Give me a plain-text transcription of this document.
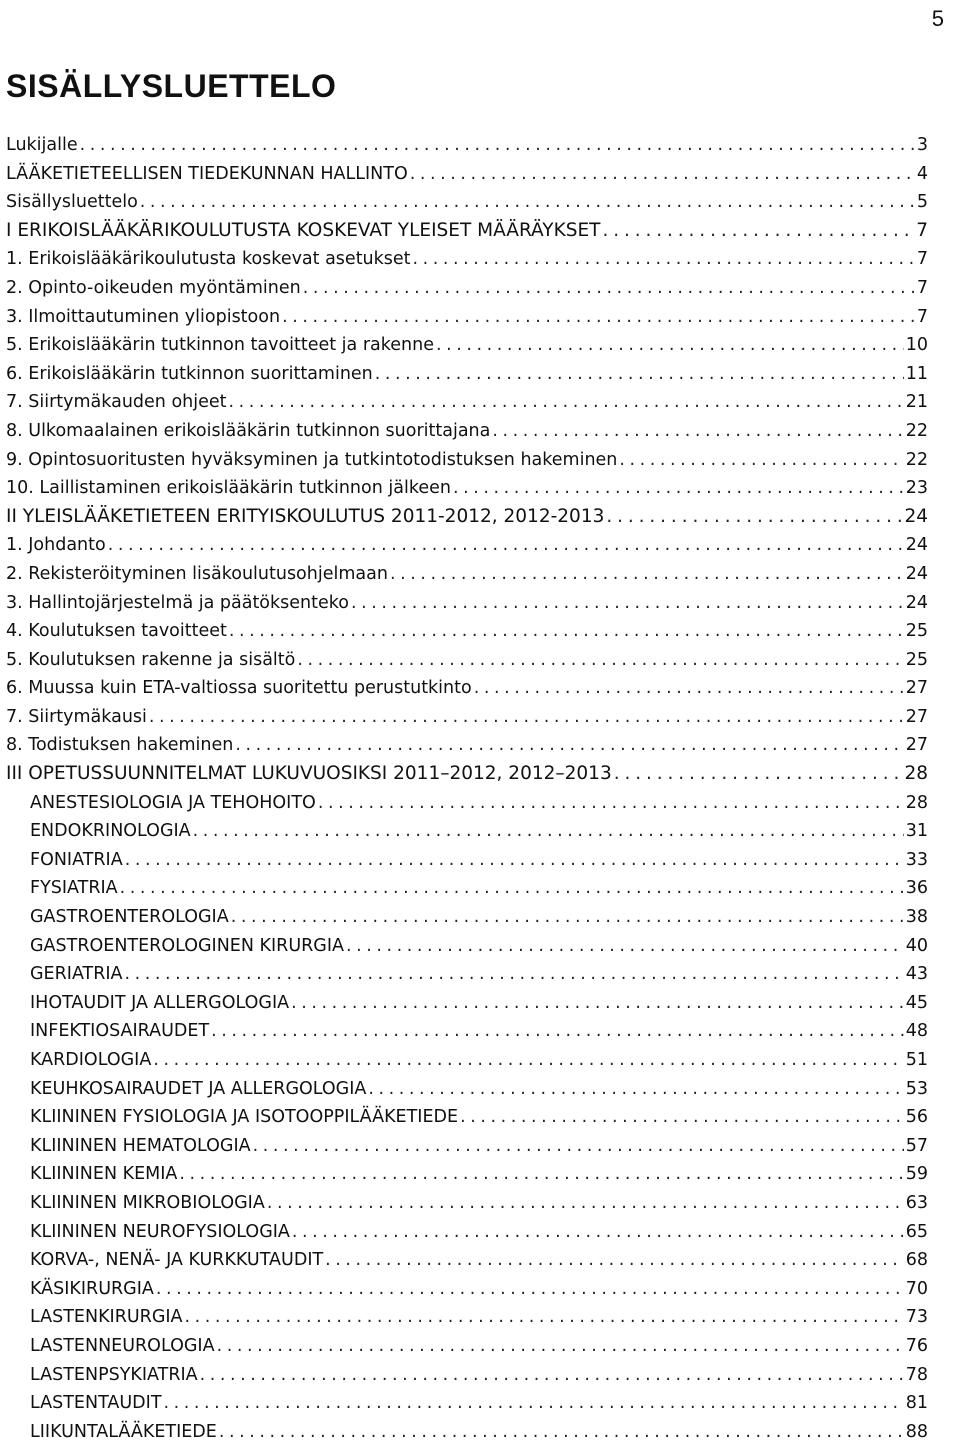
5
SISÄLLYSLUETTELO
Lukijalle . . .	3
LÄÄKETIETEELLISEN TIEDEKUNNAN HALLINTO . . .	4
Sisällysluettelo . . .	5
I ERIKOISLÄÄKÄRIKOULUTUSTA KOSKEVAT YLEISET MÄÄRÄYKSET . . .	7
1. Erikoislääkärikoulutusta koskevat asetukset . . .	7
2. Opinto-oikeuden myöntäminen . . .	7
3. Ilmoittautuminen yliopistoon . . .	7
5. Erikoislääkärin tutkinnon tavoitteet ja rakenne . . .	10
6. Erikoislääkärin tutkinnon suorittaminen . . .	11
7. Siirtymäkauden ohjeet . . .	21
8. Ulkomaalainen erikoislääkärin tutkinnon suorittajana . . .	22
9. Opintosuoritusten hyväksyminen ja tutkintotodistuksen hakeminen . . .	22
10. Laillistaminen erikoislääkärin tutkinnon jälkeen . . .	23
II YLEISLÄÄKETIETEEN ERITYISKOULUTUS 2011-2012, 2012-2013 . . .	24
1. Johdanto . . .	24
2. Rekisteröityminen lisäkoulutusohjelmaan . . .	24
3. Hallintojärjestelmä ja päätöksenteko . . .	24
4. Koulutuksen tavoitteet . . .	25
5. Koulutuksen rakenne ja sisältö . . .	25
6. Muussa kuin ETA-valtiossa suoritettu perustutkinto . . .	27
7. Siirtymäkausi . . .	27
8. Todistuksen hakeminen . . .	27
III OPETUSSUUNNITELMAT LUKUVUOSIKSI 2011–2012, 2012–2013 . . .	28
ANESTESIOLOGIA JA TEHOHOITO . . .	28
ENDOKRINOLOGIA . . .	31
FONIATRIA . . .	33
FYSIATRIA . . .	36
GASTROENTEROLOGIA . . .	38
GASTROENTEROLOGINEN KIRURGIA . . .	40
GERIATRIA . . .	43
IHOTAUDIT JA ALLERGOLOGIA . . .	45
INFEKTIOSAIRAUDET . . .	48
KARDIOLOGIA . . .	51
KEUHKOSAIRAUDET JA ALLERGOLOGIA . . .	53
KLIININEN FYSIOLOGIA JA ISOTOOPPILÄÄKETIEDE . . .	56
KLIININEN HEMATOLOGIA . . .	57
KLIININEN KEMIA . . .	59
KLIININEN MIKROBIOLOGIA . . .	63
KLIININEN NEUROFYSIOLOGIA . . .	65
KORVA-, NENÄ- JA KURKKUTAUDIT . . .	68
KÄSIKIRURGIA . . .	70
LASTENKIRURGIA . . .	73
LASTENNEUROLOGIA . . .	76
LASTENPSYKIATRIA . . .	78
LASTENTAUDIT . . .	81
LIIKUNTALÄÄKETIEDE . . .	88
